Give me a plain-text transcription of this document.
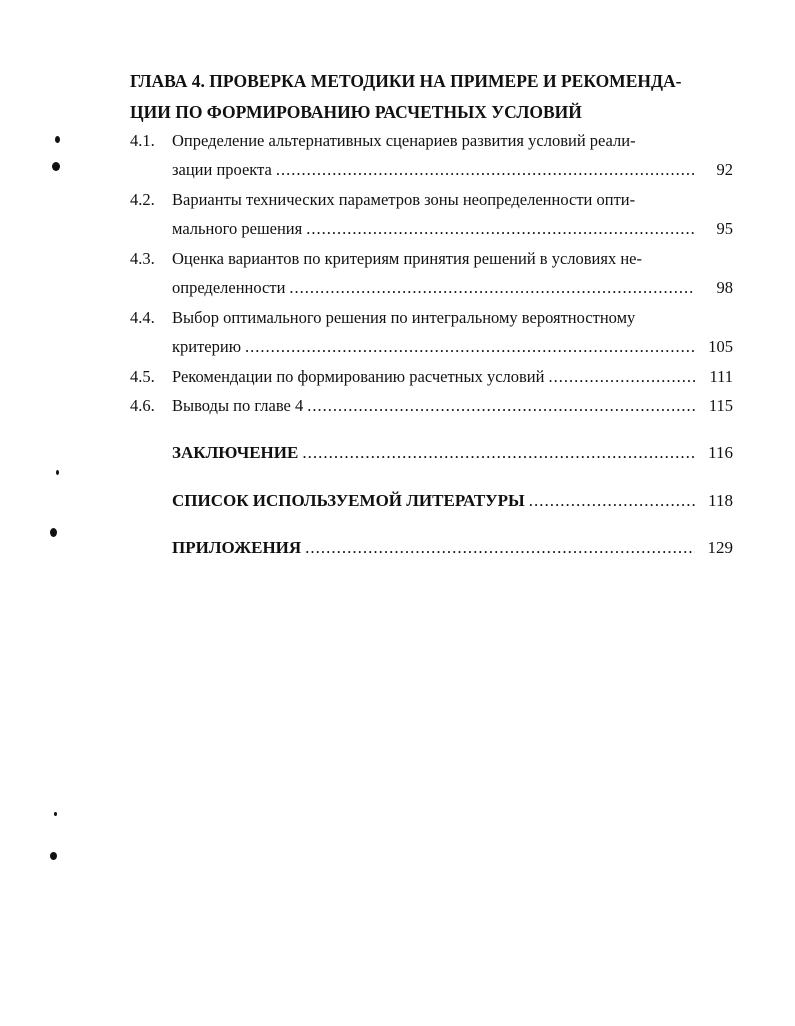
ГЛАВА 4. ПРОВЕРКА МЕТОДИКИ НА ПРИМЕРЕ И РЕКОМЕНДА-
ЦИИ ПО ФОРМИРОВАНИЮ РАСЧЕТНЫХ УСЛОВИЙ
4.1. Определение альтернативных сценариев развития условий реали-
зации проекта .....	92
4.2. Варианты технических параметров зоны неопределенности опти-
мального решения .....	95
4.3. Оценка вариантов по критериям принятия решений в условиях не-
определенности .....	98
4.4. Выбор оптимального решения по интегральному вероятностному
критерию .....	105
4.5. Рекомендации по формированию расчетных условий .....	111
4.6. Выводы по главе 4 .....	115
ЗАКЛЮЧЕНИЕ .....	116
СПИСОК ИСПОЛЬЗУЕМОЙ ЛИТЕРАТУРЫ .....	118
ПРИЛОЖЕНИЯ .....	129
